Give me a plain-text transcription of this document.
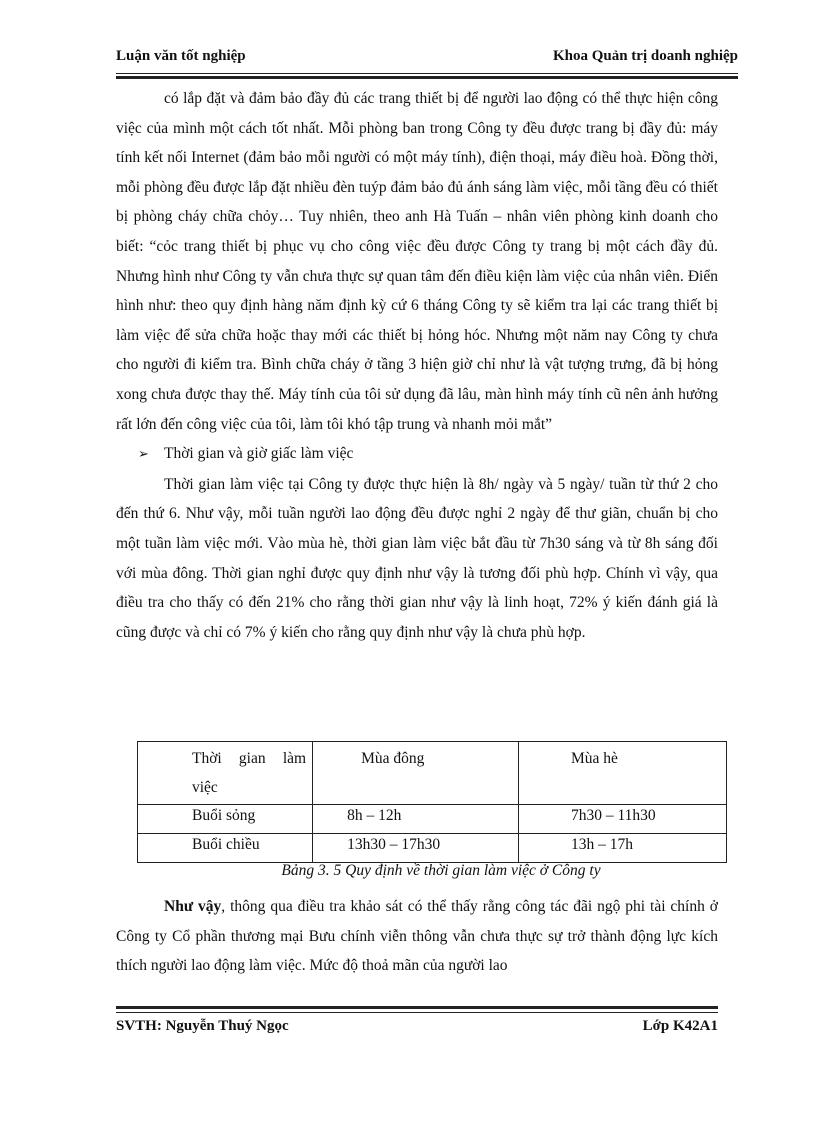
Luận văn tốt nghiệp	Khoa Quản trị doanh nghiệp

có lắp đặt và đảm bảo đầy đủ các trang thiết bị để người lao động có thể thực hiện công việc của mình một cách tốt nhất. Mỗi phòng ban trong Công ty đều được trang bị đầy đủ: máy tính kết nối Internet (đảm bảo mỗi người có một máy tính), điện thoại, máy điều hoà. Đồng thời, mỗi phòng đều được lắp đặt nhiều đèn tuýp đảm bảo đủ ánh sáng làm việc, mỗi tầng đều có thiết bị phòng cháy chữa chỏy… Tuy nhiên, theo anh Hà Tuấn – nhân viên phòng kinh doanh cho biết: “cỏc trang thiết bị phục vụ cho công việc đều được Công ty trang bị một cách đầy đủ. Nhưng hình như Công ty vẫn chưa thực sự quan tâm đến điều kiện làm việc của nhân viên. Điển hình như: theo quy định hàng năm định kỳ cứ 6 tháng Công ty sẽ kiểm tra lại các trang thiết bị làm việc để sửa chữa hoặc thay mới các thiết bị hỏng hóc. Nhưng một năm nay Công ty chưa cho người đi kiểm tra. Bình chữa cháy ở tầng 3 hiện giờ chỉ như là vật tượng trưng, đã bị hỏng xong chưa được thay thế. Máy tính của tôi sử dụng đã lâu, màn hình máy tính cũ nên ảnh hưởng rất lớn đến công việc của tôi, làm tôi khó tập trung và nhanh mỏi mắt”

➢ Thời gian và giờ giấc làm việc

Thời gian làm việc tại Công ty được thực hiện là 8h/ ngày và 5 ngày/ tuần từ thứ 2 cho đến thứ 6. Như vậy, mỗi tuần người lao động đều được nghỉ 2 ngày để thư giãn, chuẩn bị cho một tuần làm việc mới. Vào mùa hè, thời gian làm việc bắt đầu từ 7h30 sáng và từ 8h sáng đối với mùa đông. Thời gian nghỉ được quy định như vậy là tương đối phù hợp. Chính vì vậy, qua điều tra cho thấy có đến 21% cho rằng thời gian như vậy là linh hoạt, 72% ý kiến đánh giá là cũng được và chỉ có 7% ý kiến cho rằng quy định như vậy là chưa phù hợp.

Thời gian làm việc	Mùa đông	Mùa hè
Buổi sỏng	8h – 12h	7h30 – 11h30
Buổi chiều	13h30 – 17h30	13h – 17h
Bảng 3. 5 Quy định về thời gian làm việc ở Công ty

Như vậy, thông qua điều tra khảo sát có thể thấy rằng công tác đãi ngộ phi tài chính ở Công ty Cổ phần thương mại Bưu chính viễn thông vẫn chưa thực sự trở thành động lực kích thích người lao động làm việc. Mức độ thoả mãn của người lao

SVTH: Nguyễn Thuý Ngọc	Lớp K42A1
